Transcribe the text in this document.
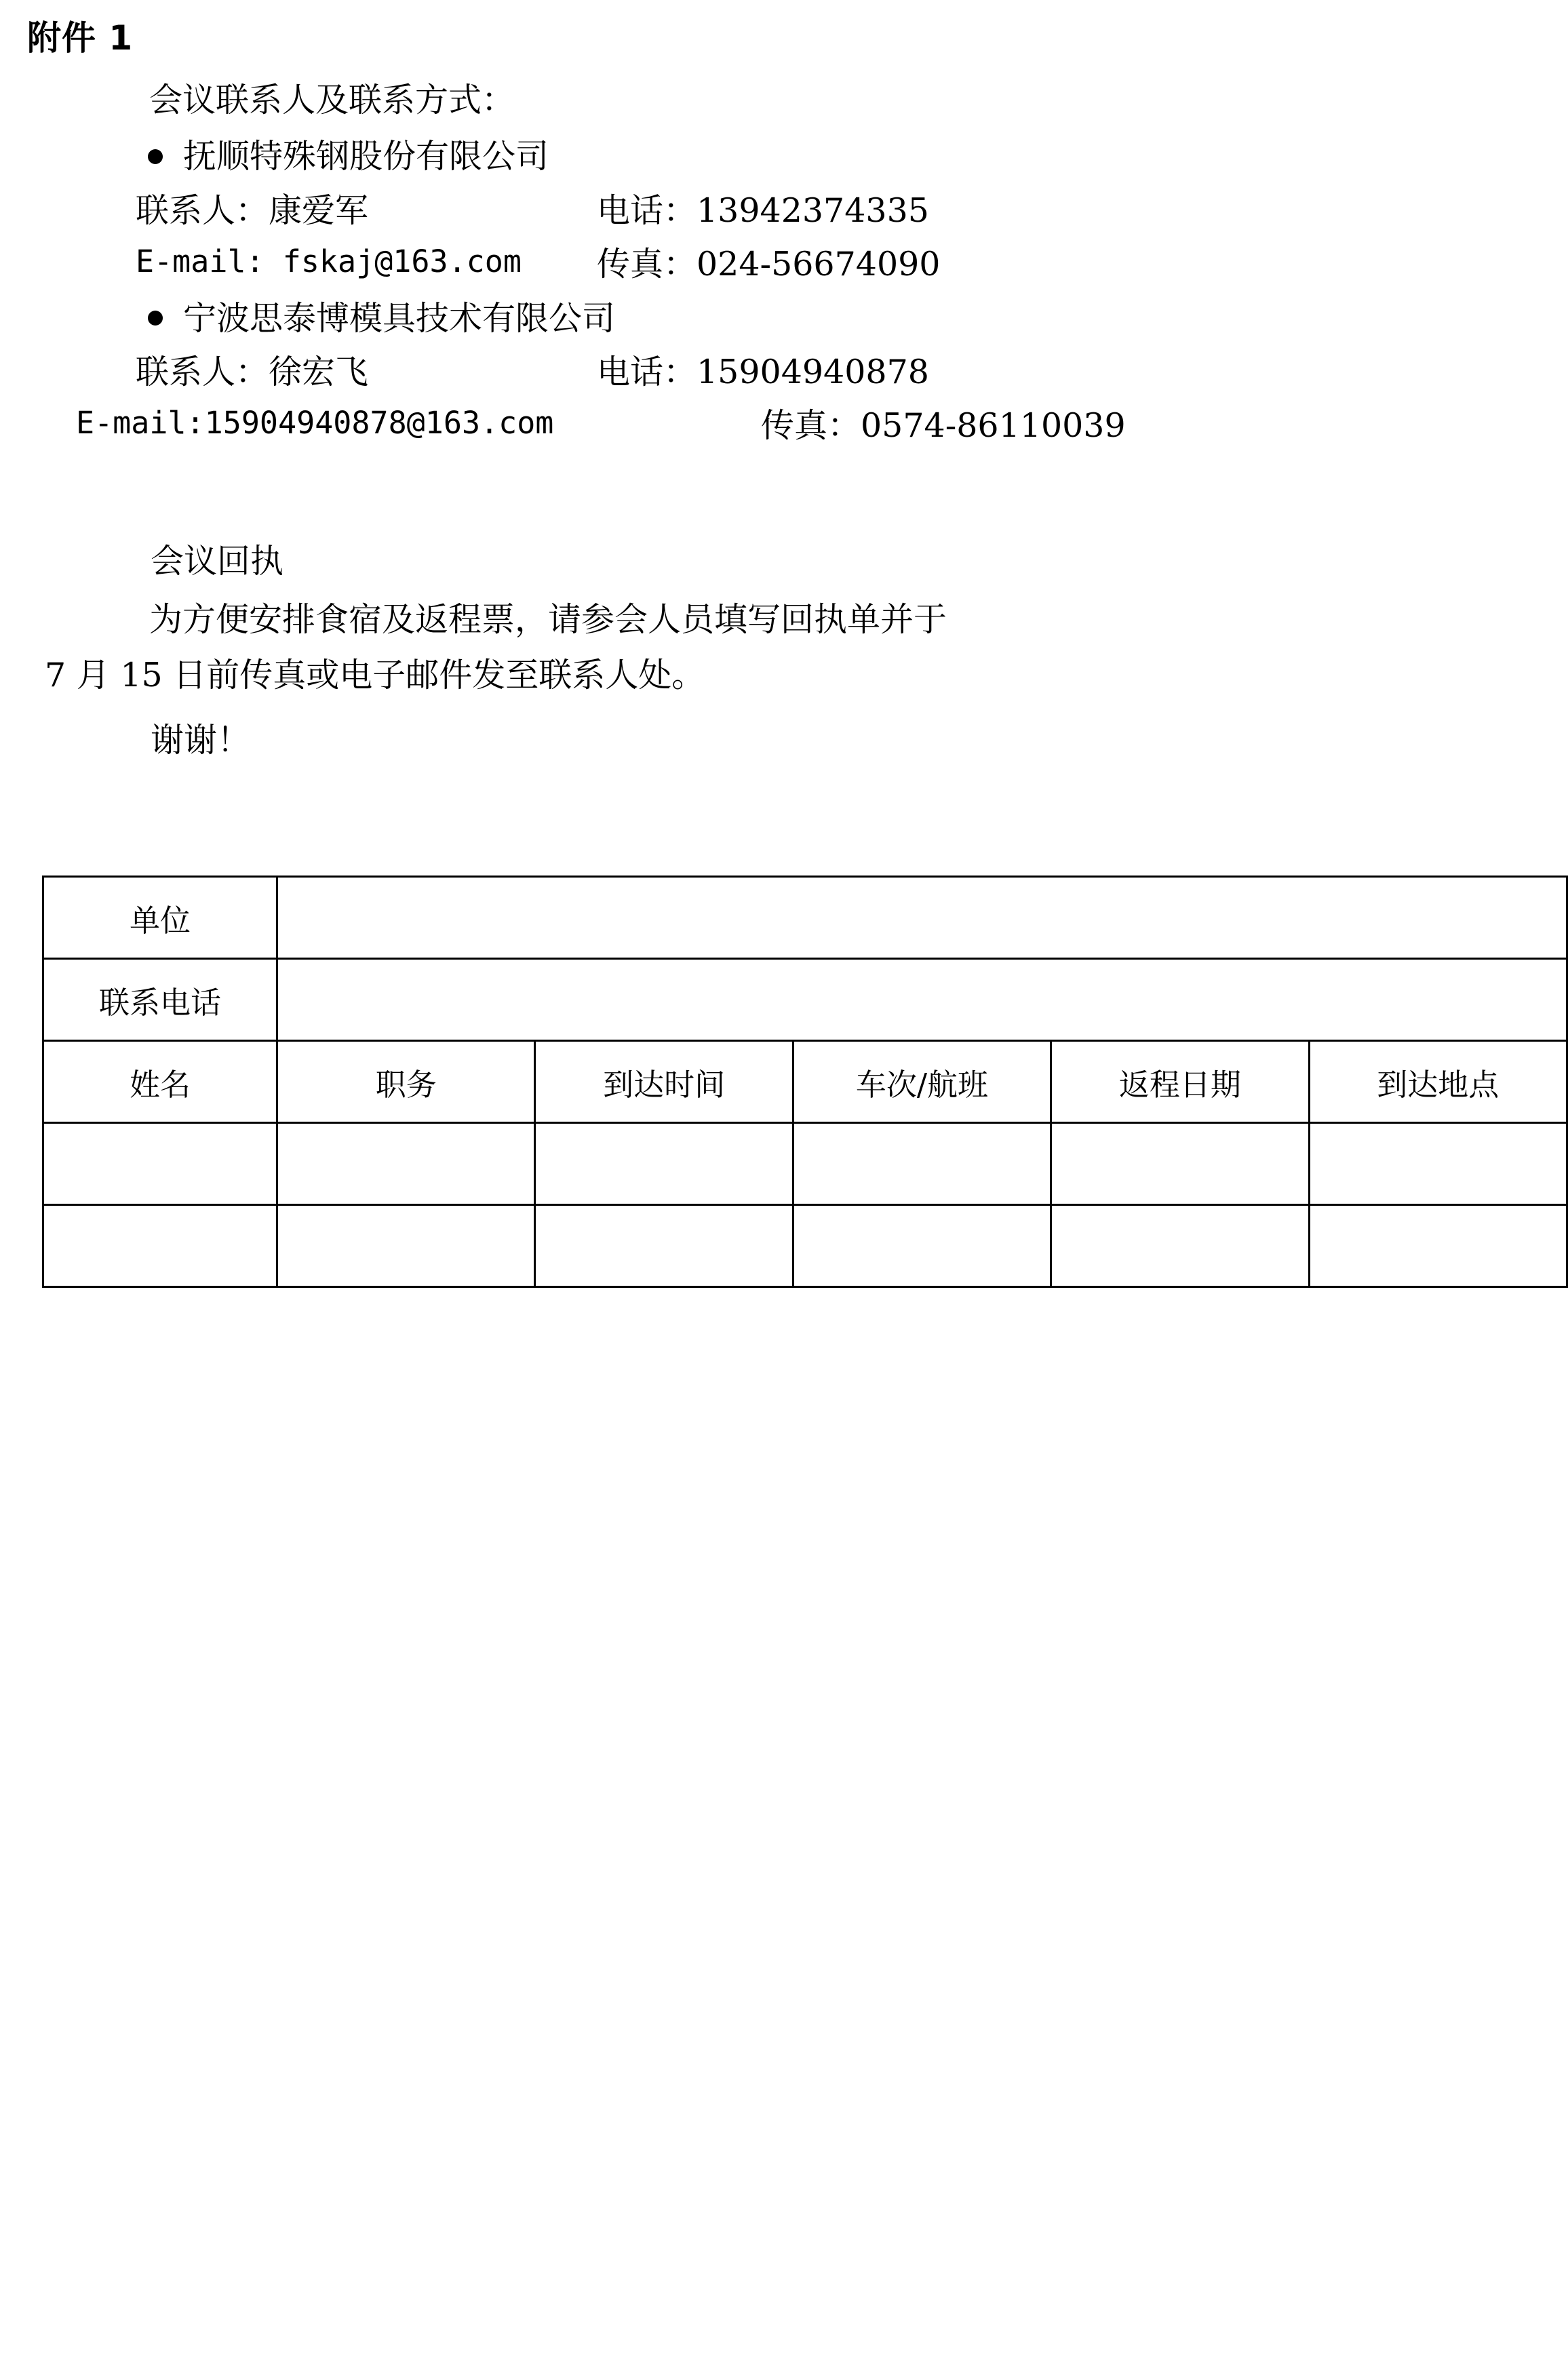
附件 1
会议联系人及联系方式：
抚顺特殊钢股份有限公司
联系人：康爱军	电话：13942374335
E-mail: fskaj@163.com	传真：024-56674090
宁波思泰博模具技术有限公司
联系人：徐宏飞	电话：15904940878
E-mail:15904940878@163.com	传真：0574-86110039
会议回执
为方便安排食宿及返程票，请参会人员填写回执单并于
7 月 15 日前传真或电子邮件发至联系人处。
谢谢！
单位					
联系电话					
姓名	职务	到达时间	车次/航班	返程日期	到达地点
